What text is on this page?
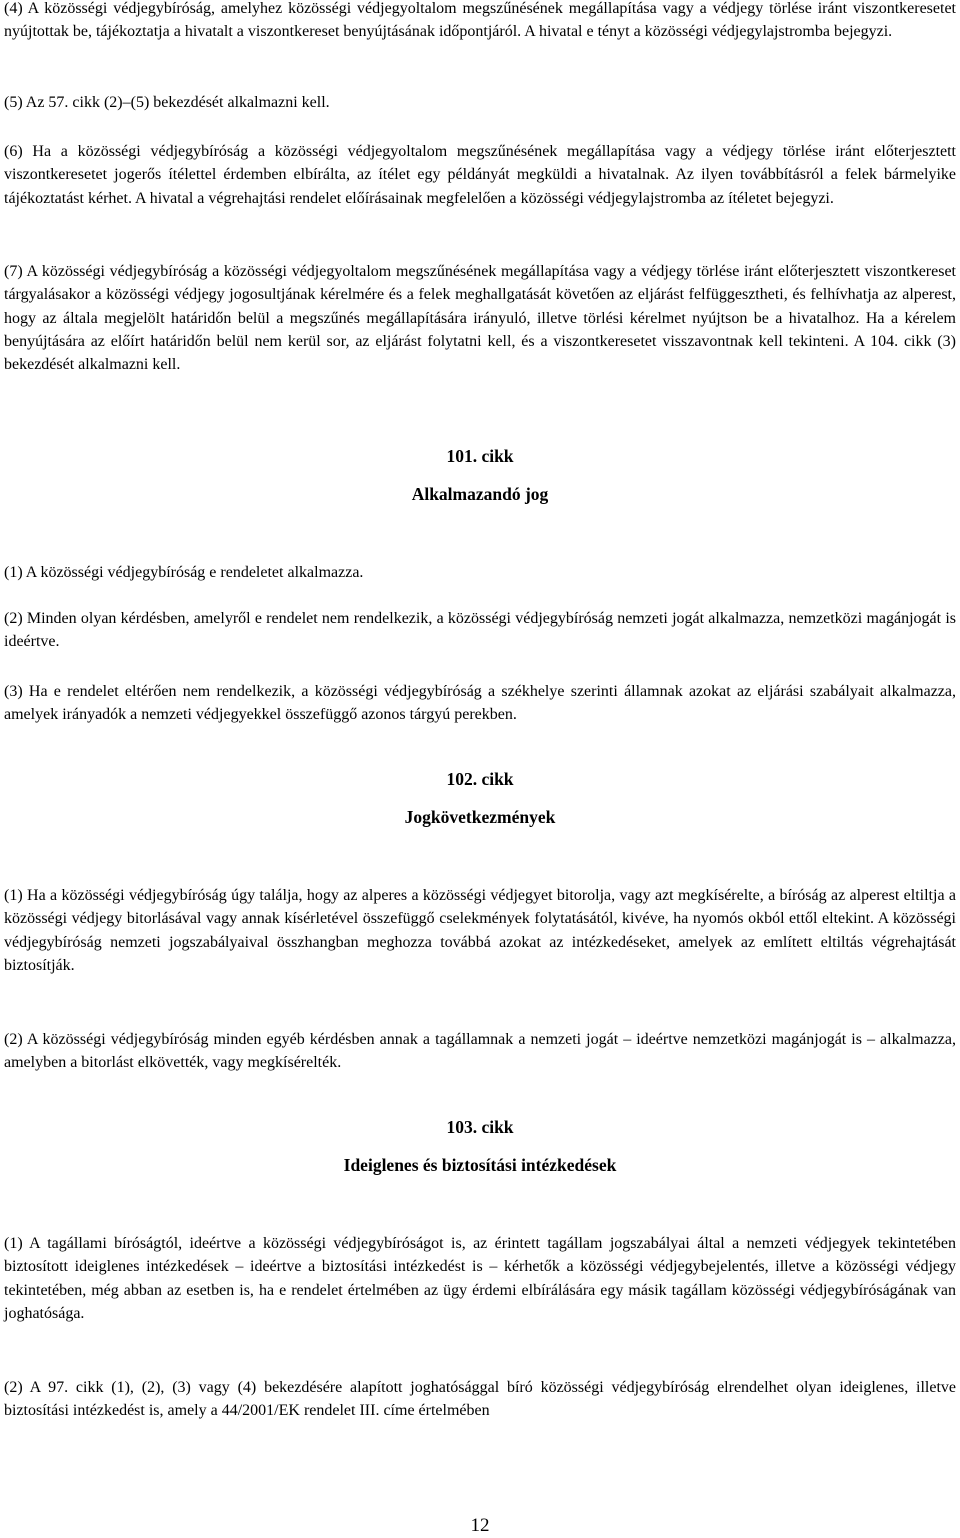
(4) A közösségi védjegybíróság, amelyhez közösségi védjegyoltalom megszűnésének megállapítása vagy a védjegy törlése iránt viszontkeresetet nyújtottak be, tájékoztatja a hivatalt a viszontkereset benyújtásának időpontjáról. A hivatal e tényt a közösségi védjegylajstromba bejegyzi.

(5) Az 57. cikk (2)–(5) bekezdését alkalmazni kell.

(6) Ha a közösségi védjegybíróság a közösségi védjegyoltalom megszűnésének megállapítása vagy a védjegy törlése iránt előterjesztett viszontkeresetet jogerős ítélettel érdemben elbírálta, az ítélet egy példányát megküldi a hivatalnak. Az ilyen továbbításról a felek bármelyike tájékoztatást kérhet. A hivatal a végrehajtási rendelet előírásainak megfelelően a közösségi védjegylajstromba az ítéletet bejegyzi.

(7) A közösségi védjegybíróság a közösségi védjegyoltalom megszűnésének megállapítása vagy a védjegy törlése iránt előterjesztett viszontkereset tárgyalásakor a közösségi védjegy jogosultjának kérelmére és a felek meghallgatását követően az eljárást felfüggesztheti, és felhívhatja az alperest, hogy az általa megjelölt határidőn belül a megszűnés megállapítására irányuló, illetve törlési kérelmet nyújtson be a hivatalhoz. Ha a kérelem benyújtására az előírt határidőn belül nem kerül sor, az eljárást folytatni kell, és a viszontkeresetet visszavontnak kell tekinteni. A 104. cikk (3) bekezdését alkalmazni kell.

101. cikk

Alkalmazandó jog

(1) A közösségi védjegybíróság e rendeletet alkalmazza.

(2) Minden olyan kérdésben, amelyről e rendelet nem rendelkezik, a közösségi védjegybíróság nemzeti jogát alkalmazza, nemzetközi magánjogát is ideértve.

(3) Ha e rendelet eltérően nem rendelkezik, a közösségi védjegybíróság a székhelye szerinti államnak azokat az eljárási szabályait alkalmazza, amelyek irányadók a nemzeti védjegyekkel összefüggő azonos tárgyú perekben.

102. cikk

Jogkövetkezmények

(1) Ha a közösségi védjegybíróság úgy találja, hogy az alperes a közösségi védjegyet bitorolja, vagy azt megkísérelte, a bíróság az alperest eltiltja a közösségi védjegy bitorlásával vagy annak kísérletével összefüggő cselekmények folytatásától, kivéve, ha nyomós okból ettől eltekint. A közösségi védjegybíróság nemzeti jogszabályaival összhangban meghozza továbbá azokat az intézkedéseket, amelyek az említett eltiltás végrehajtását biztosítják.

(2) A közösségi védjegybíróság minden egyéb kérdésben annak a tagállamnak a nemzeti jogát – ideértve nemzetközi magánjogát is – alkalmazza, amelyben a bitorlást elkövették, vagy megkísérelték.

103. cikk

Ideiglenes és biztosítási intézkedések

(1) A tagállami bíróságtól, ideértve a közösségi védjegybíróságot is, az érintett tagállam jogszabályai által a nemzeti védjegyek tekintetében biztosított ideiglenes intézkedések – ideértve a biztosítási intézkedést is – kérhetők a közösségi védjegybejelentés, illetve a közösségi védjegy tekintetében, még abban az esetben is, ha e rendelet értelmében az ügy érdemi elbírálására egy másik tagállam közösségi védjegybíróságának van joghatósága.

(2) A 97. cikk (1), (2), (3) vagy (4) bekezdésére alapított joghatósággal bíró közösségi védjegybíróság elrendelhet olyan ideiglenes, illetve biztosítási intézkedést is, amely a 44/2001/EK rendelet III. címe értelmében

12
